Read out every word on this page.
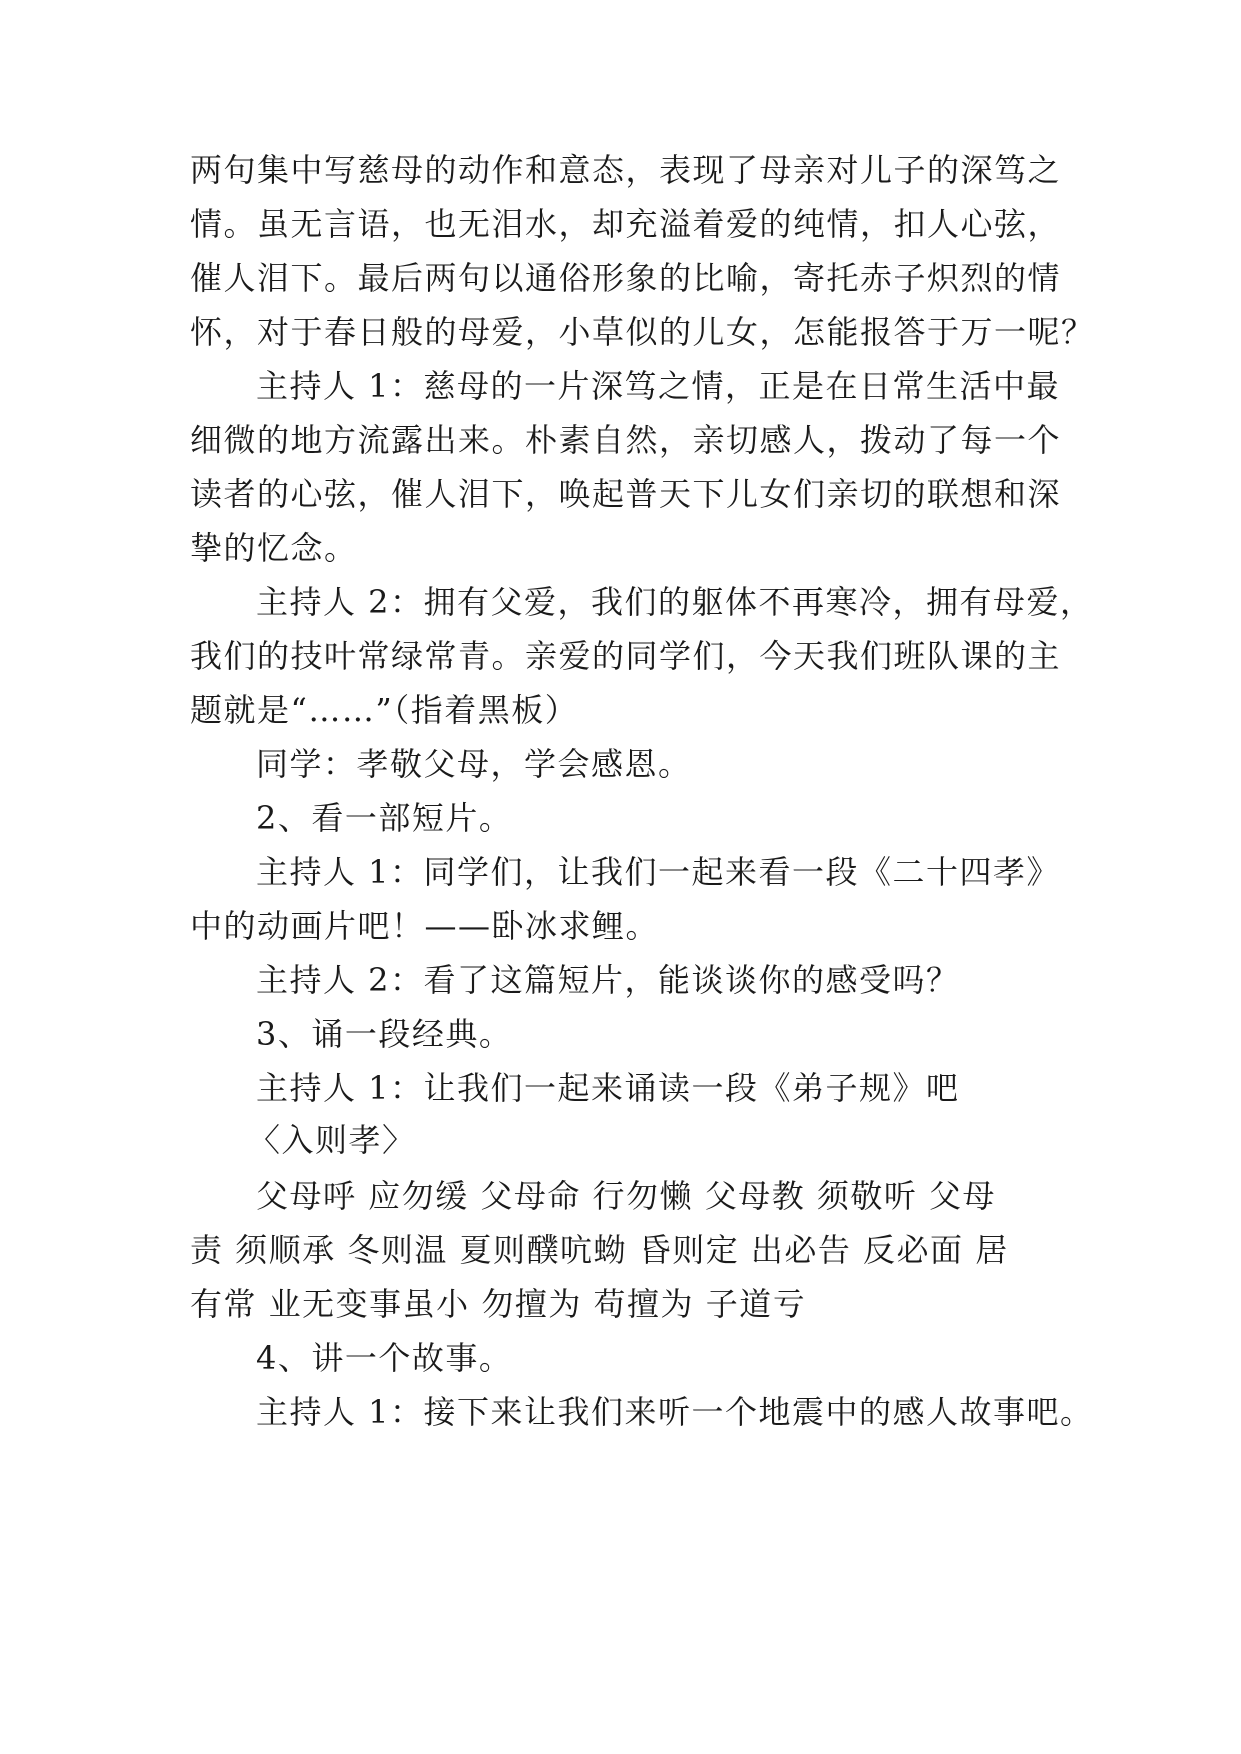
两句集中写慈母的动作和意态，表现了母亲对儿子的深笃之

情。虽无言语，也无泪水，却充溢着爱的纯情，扣人心弦，

催人泪下。最后两句以通俗形象的比喻，寄托赤子炽烈的情

怀，对于春日般的母爱，小草似的儿女，怎能报答于万一呢？

主持人 1：慈母的一片深笃之情，正是在日常生活中最

细微的地方流露出来。朴素自然，亲切感人，拨动了每一个

读者的心弦，催人泪下，唤起普天下儿女们亲切的联想和深

挚的忆念。

主持人 2：拥有父爱，我们的躯体不再寒冷，拥有母爱，

我们的技叶常绿常青。亲爱的同学们，今天我们班队课的主

题就是“……”（指着黑板）

同学：孝敬父母，学会感恩。

2、看一部短片。

主持人 1：同学们，让我们一起来看一段《二十四孝》

中的动画片吧！——卧冰求鲤。

主持人 2：看了这篇短片，能谈谈你的感受吗？

3、诵一段经典。

主持人 1：让我们一起来诵读一段《弟子规》吧

〈入则孝〉

父母呼 应勿缓 父母命 行勿懒 父母教 须敬听 父母

责 须顺承 冬则温 夏则醭吭蚴 昏则定 出必告 反必面 居

有常 业无变事虽小 勿擅为 苟擅为 子道亏

4、讲一个故事。

主持人 1：接下来让我们来听一个地震中的感人故事吧。
